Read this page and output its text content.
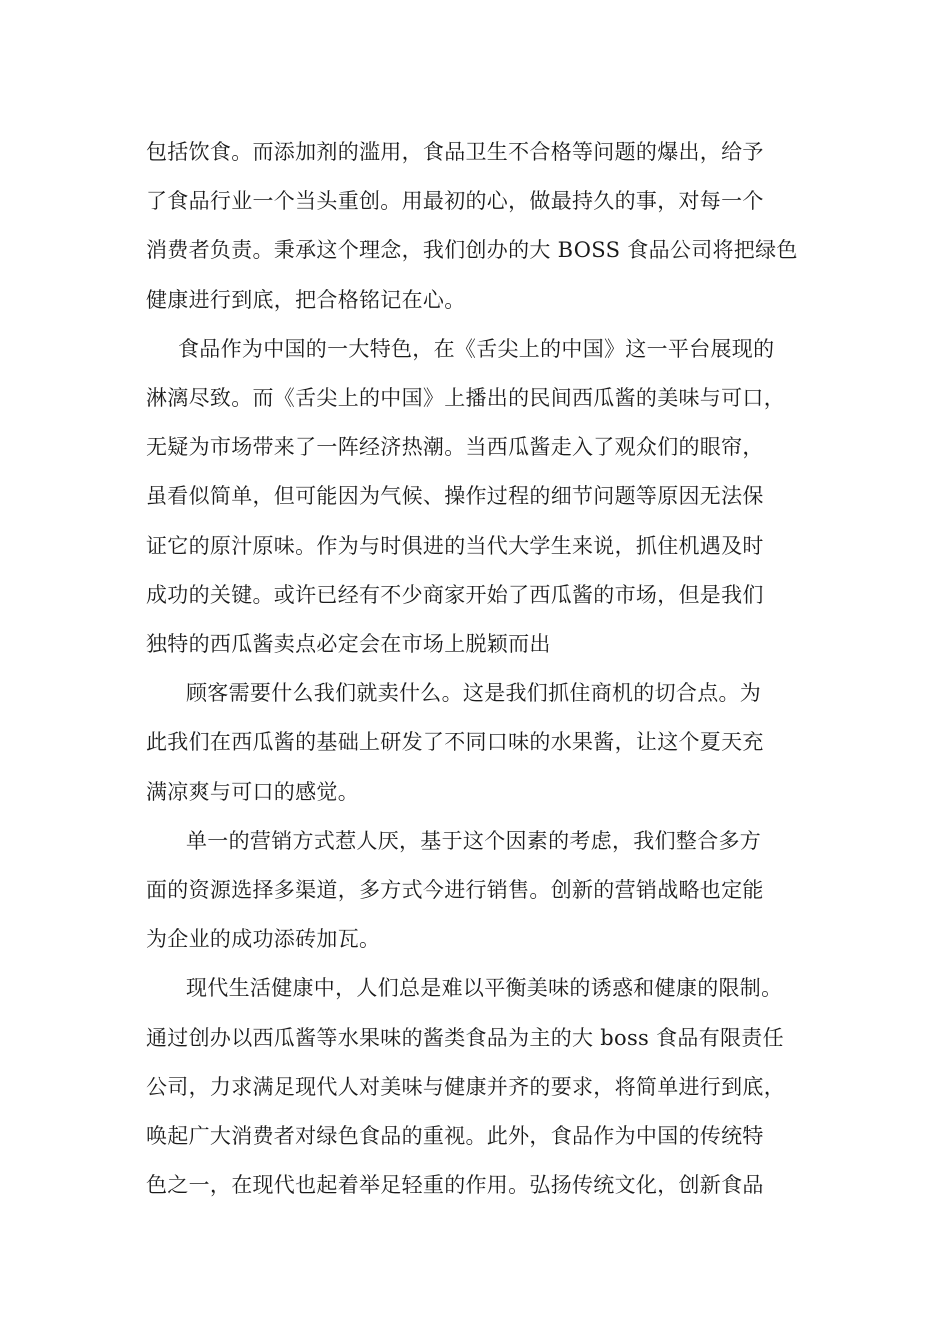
包括饮食。而添加剂的滥用，食品卫生不合格等问题的爆出，给予
了食品行业一个当头重创。用最初的心，做最持久的事，对每一个
消费者负责。秉承这个理念，我们创办的大 BOSS 食品公司将把绿色
健康进行到底，把合格铭记在心。

食品作为中国的一大特色，在《舌尖上的中国》这一平台展现的
淋漓尽致。而《舌尖上的中国》上播出的民间西瓜酱的美味与可口，
无疑为市场带来了一阵经济热潮。当西瓜酱走入了观众们的眼帘，
虽看似简单，但可能因为气候、操作过程的细节问题等原因无法保
证它的原汁原味。作为与时俱进的当代大学生来说，抓住机遇及时
成功的关键。或许已经有不少商家开始了西瓜酱的市场，但是我们
独特的西瓜酱卖点必定会在市场上脱颖而出

顾客需要什么我们就卖什么。这是我们抓住商机的切合点。为
此我们在西瓜酱的基础上研发了不同口味的水果酱，让这个夏天充
满凉爽与可口的感觉。

单一的营销方式惹人厌，基于这个因素的考虑，我们整合多方
面的资源选择多渠道，多方式今进行销售。创新的营销战略也定能
为企业的成功添砖加瓦。

现代生活健康中，人们总是难以平衡美味的诱惑和健康的限制。
通过创办以西瓜酱等水果味的酱类食品为主的大 boss 食品有限责任
公司，力求满足现代人对美味与健康并齐的要求，将简单进行到底，
唤起广大消费者对绿色食品的重视。此外，食品作为中国的传统特
色之一，在现代也起着举足轻重的作用。弘扬传统文化，创新食品
